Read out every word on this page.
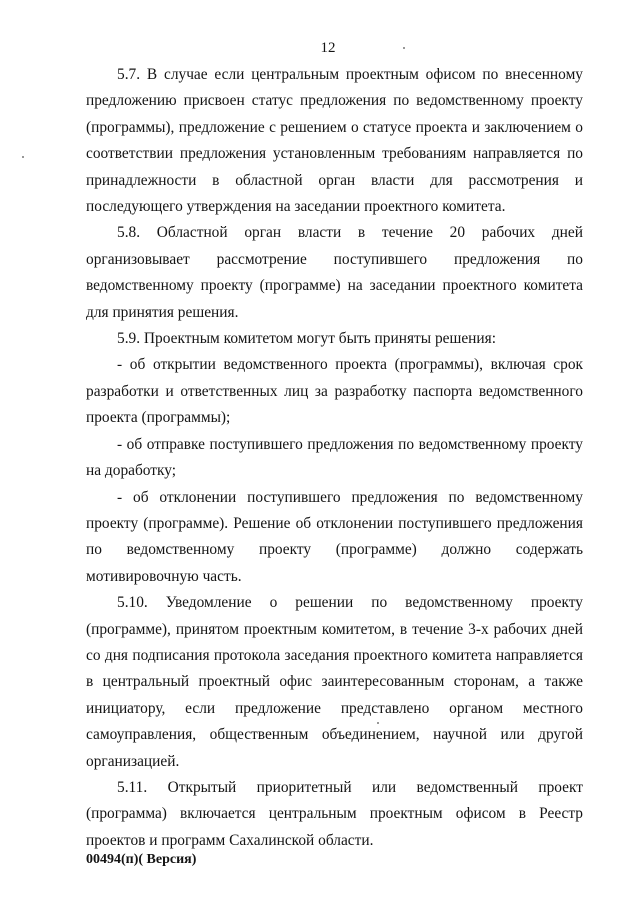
12

5.7. В случае если центральным проектным офисом по внесенному предложению присвоен статус предложения по ведомственному проекту (программы), предложение с решением о статусе проекта и заключением о соответствии предложения установленным требованиям направляется по принадлежности в областной орган власти для рассмотрения и последующего утверждения на заседании проектного комитета.

5.8. Областной орган власти в течение 20 рабочих дней организовывает рассмотрение поступившего предложения по ведомственному проекту (программе) на заседании проектного комитета для принятия решения.

5.9. Проектным комитетом могут быть приняты решения:

- об открытии ведомственного проекта (программы), включая срок разработки и ответственных лиц за разработку паспорта ведомственного проекта (программы);

- об отправке поступившего предложения по ведомственному проекту на доработку;

- об отклонении поступившего предложения по ведомственному проекту (программе). Решение об отклонении поступившего предложения по ведомственному проекту (программе) должно содержать мотивировочную часть.

5.10. Уведомление о решении по ведомственному проекту (программе), принятом проектным комитетом, в течение 3-х рабочих дней со дня подписания протокола заседания проектного комитета направляется в центральный проектный офис заинтересованным сторонам, а также инициатору, если предложение представлено органом местного самоуправления, общественным объединением, научной или другой организацией.

5.11. Открытый приоритетный или ведомственный проект (программа) включается центральным проектным офисом в Реестр проектов и программ Сахалинской области.

00494(п)( Версия)
